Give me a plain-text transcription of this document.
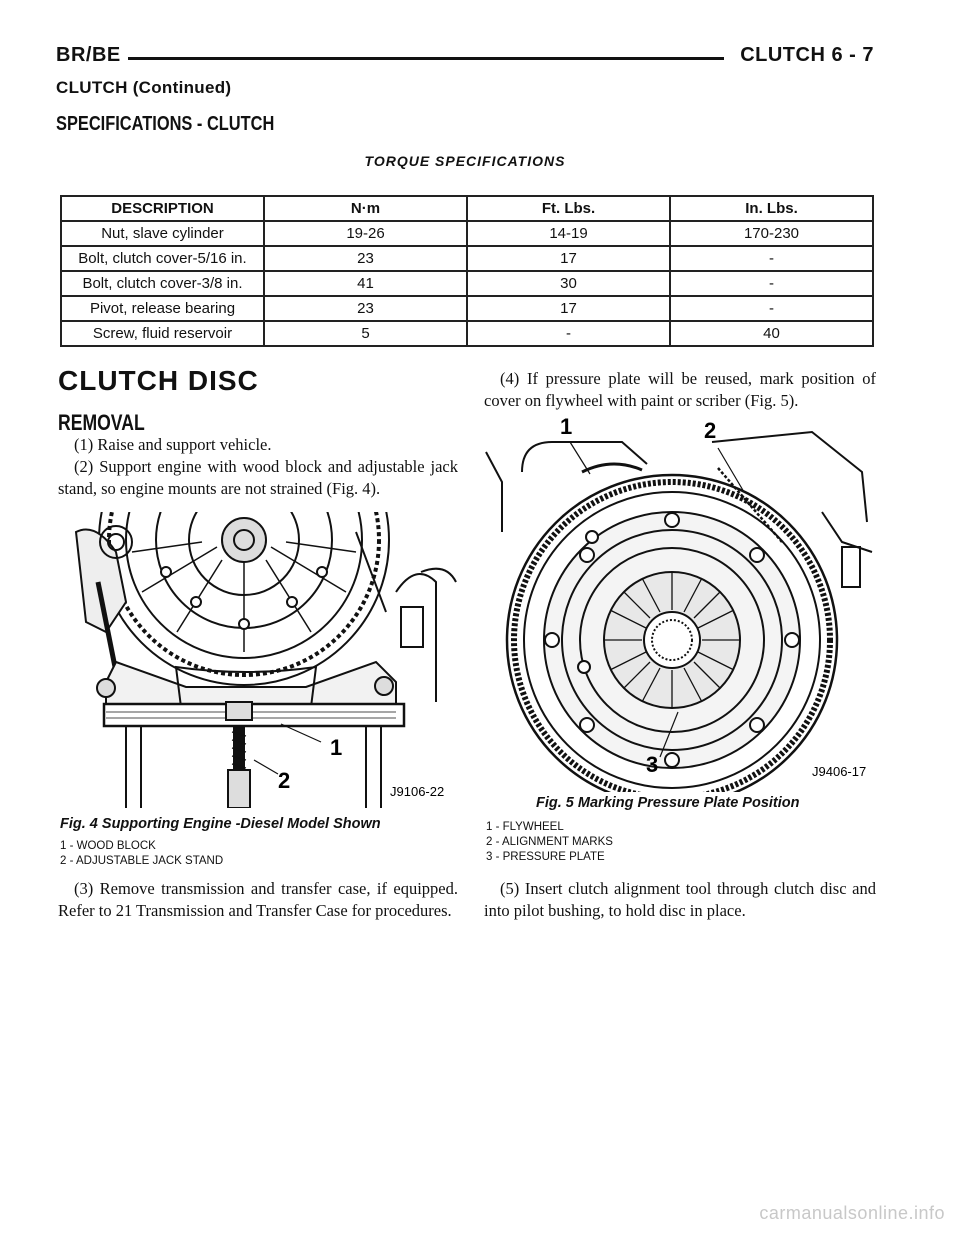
BR/BE	CLUTCH 6 - 7
CLUTCH (Continued)
SPECIFICATIONS - CLUTCH
TORQUE SPECIFICATIONS
DESCRIPTION	N·m	Ft. Lbs.	In. Lbs.
Nut, slave cylinder	19-26	14-19	170-230
Bolt, clutch cover-5/16 in.	23	17	-
Bolt, clutch cover-3/8 in.	41	30	-
Pivot, release bearing	23	17	-
Screw, fluid reservoir	5	-	40
CLUTCH DISC
REMOVAL
(1) Raise and support vehicle.
(2) Support engine with wood block and adjustable jack stand, so engine mounts are not strained (Fig. 4).
1
2	J9106-22
Fig. 4 Supporting Engine -Diesel Model Shown
1 - WOOD BLOCK
2 - ADJUSTABLE JACK STAND
(3) Remove transmission and transfer case, if equipped. Refer to 21 Transmission and Transfer Case for procedures.
(4) If pressure plate will be reused, mark position of cover on flywheel with paint or scriber (Fig. 5).
1	2
3	J9406-17
Fig. 5 Marking Pressure Plate Position
1 - FLYWHEEL
2 - ALIGNMENT MARKS
3 - PRESSURE PLATE
(5) Insert clutch alignment tool through clutch disc and into pilot bushing, to hold disc in place.
carmanualsonline.info
